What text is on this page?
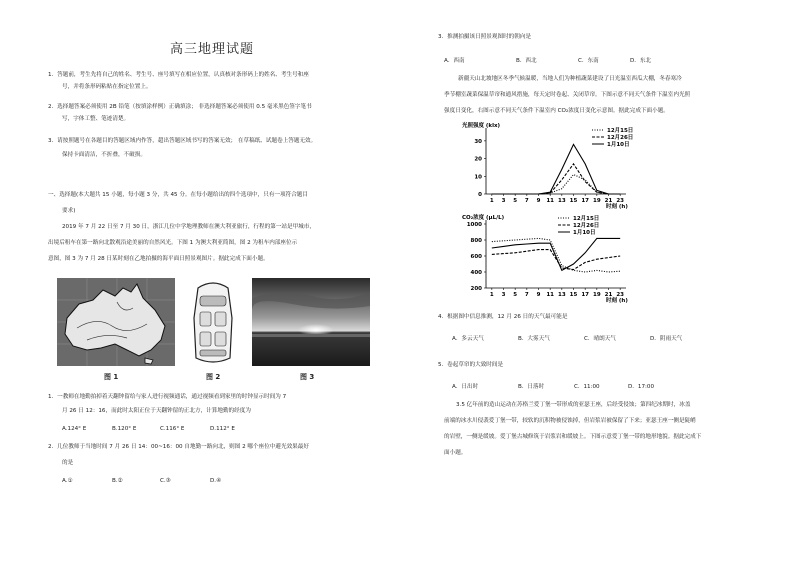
高三地理试题
1．答题前，考生先将自己的姓名、考生号、座号填写在相应位置，认真核对条形码上的姓名、考生号和座
号，并将条形码粘贴在指定位置上。
2．选择题答案必须使用 2B 铅笔（按填涂样例）正确填涂； 非选择题答案必须使用 0.5 毫米黑色签字笔书
写，字体工整、笔迹清楚。
3．请按照题号在各题目的答题区域内作答，超出答题区域书写的答案无效； 在草稿纸、试题卷上答题无效。
保持卡面清洁，不折叠，不破损。
一、选择题(本大题共 15 小题，每小题 3 分，共 45 分。在每小题给出的四个选项中，只有一项符合题目
要求)
2019 年 7 月 22 日至 7 月 30 日，浙江几位中学地理教师在澳大利亚旅行，行程的第一站是甲城市，
出境后租车在第一路向北散观沿途美丽的自然风光。下图 1 为澳大利亚简图，图 2 为租车内部座位示
意图，图 3 为 7 月 28 日某时刻在乙地拍摄的海平面日照景观图片。据此完成下面小题。
图 1	图 2	图 3
1．一教师在地勤拍掉着天翻钟留给与家人进行视频通话，通过视频看到家里的时钟显示时间为 7
月 26 日 12：16，而此时太阳正位于天翻钟留的正北方，计算地勤的经度为
A.124° E	B.120° E	C.116° E	D.112° E
2．几位教师于当地时间 7 月 26 日 14：00~16：00 自地勤一路向北，则图 2 哪个座位中避光效果最好
的是
A.①	B.②	C.③	D.④
3．推测拍摄该日照景观图时的朝向是
A．西南	B．西北	C．东南	D．东北
新疆天山北坡地区冬季气候温暖，当地人们为种植蔬菜建设了日光温室西瓜大棚，冬春寒冷
季节棚室蔬菜保温草帘和通风措施，每天定时卷起、关闭草帘。下图示意不同天气条件下温室内光照
强度日变化，右图示意不同天气条件下温室内 CO₂浓度日变化示意图。据此完成下面小题。
光照强度 (klx)
时刻 (h)
0
10
20
30
1 3 5 7 9 11 13 15 17 19 21 23
12月15日
12月26日
1月10日
CO₂浓度 (μL/L)
时刻 (h)
200
400
600
800
1000
1 3 5 7 9 11 13 15 17 19 21 23
12月15日
12月26日
1月10日
4．根据图中信息推测，12 月 26 日的天气最可能是
A．多云天气	B．大雾天气	C．晴朗天气	D．阴雨天气
5．卷起草帘的大致时间是
A．日出时	B．日落时	C．11:00	D．17:00
3.5 亿年前的造山运动在苏格兰爱丁堡一带形成的亚瑟王座，后经受侵蚀；第四纪冰期时，冰盖
前端的冰水川侵袭爱丁堡一带，较软的沉积物被侵蚀掉，但岩浆岩被保留了下来；亚瑟王座一侧是陡峭
的岩壁，一侧是缓坡。爱丁堡古城修筑于岩浆岩和缓坡上。下图示意爱丁堡一带的地形地貌。据此完成下
面小题。
